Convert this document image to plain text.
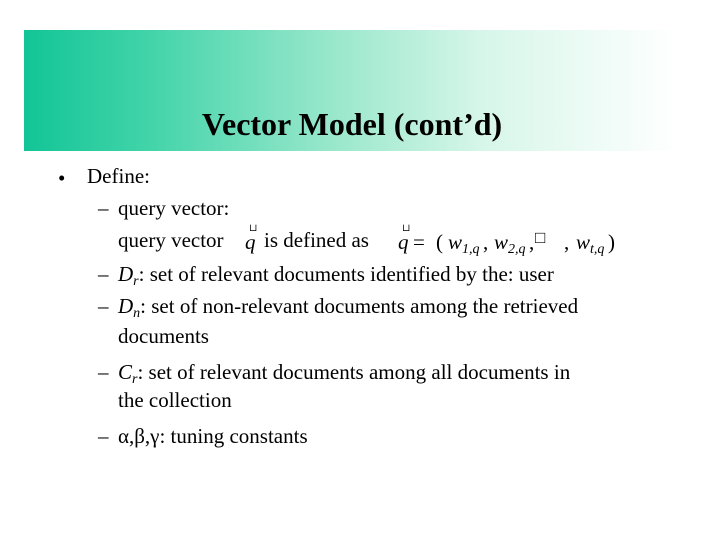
Vector Model (cont’d)
• Define:
– query vector:
query vector	⊔
q is defined as	⊔
q = ( $w_{1,q}$ , $w_{2,q}$ , □ , $w_{t,q}$ )
– $D_r$: set of relevant documents identified by the: user
– $D_n$: set of non-relevant documents among the retrieved
documents
– $C_r$: set of relevant documents among all documents in
the collection
– α,β,γ: tuning constants
